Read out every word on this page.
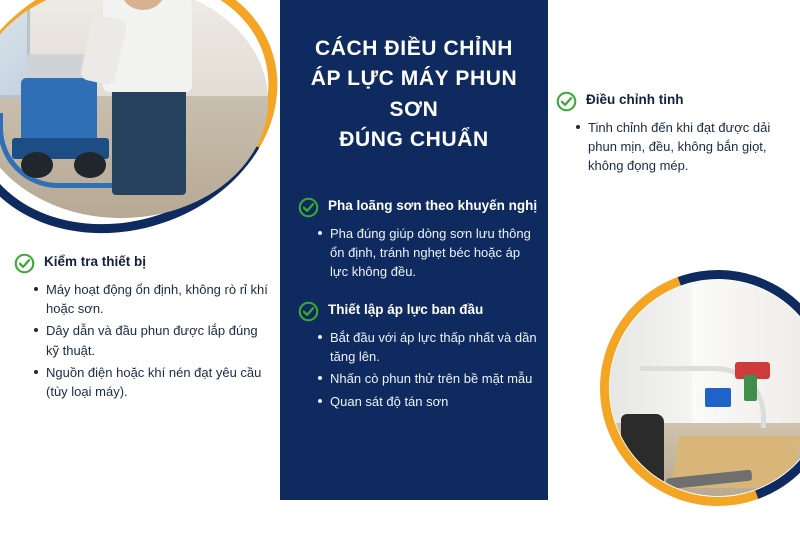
Kiểm tra thiết bị
Máy hoạt động ổn định, không rò rỉ khí hoặc sơn.
Dây dẫn và đầu phun được lắp đúng kỹ thuật.
Nguồn điện hoặc khí nén đạt yêu cầu (tùy loại máy).
CÁCH ĐIỀU CHỈNH
ÁP LỰC MÁY PHUN SƠN
ĐÚNG CHUẨN
Pha loãng sơn theo khuyến nghị
Pha đúng giúp dòng sơn lưu thông ổn định, tránh nghẹt béc hoặc áp lực không đều.
Thiết lập áp lực ban đầu
Bắt đầu với áp lực thấp nhất và dần tăng lên.
Nhấn cò phun thử trên bề mặt mẫu
Quan sát độ tán sơn
Điều chỉnh tinh
Tinh chỉnh đến khi đạt được dải phun mịn, đều, không bắn giọt, không đọng mép.
